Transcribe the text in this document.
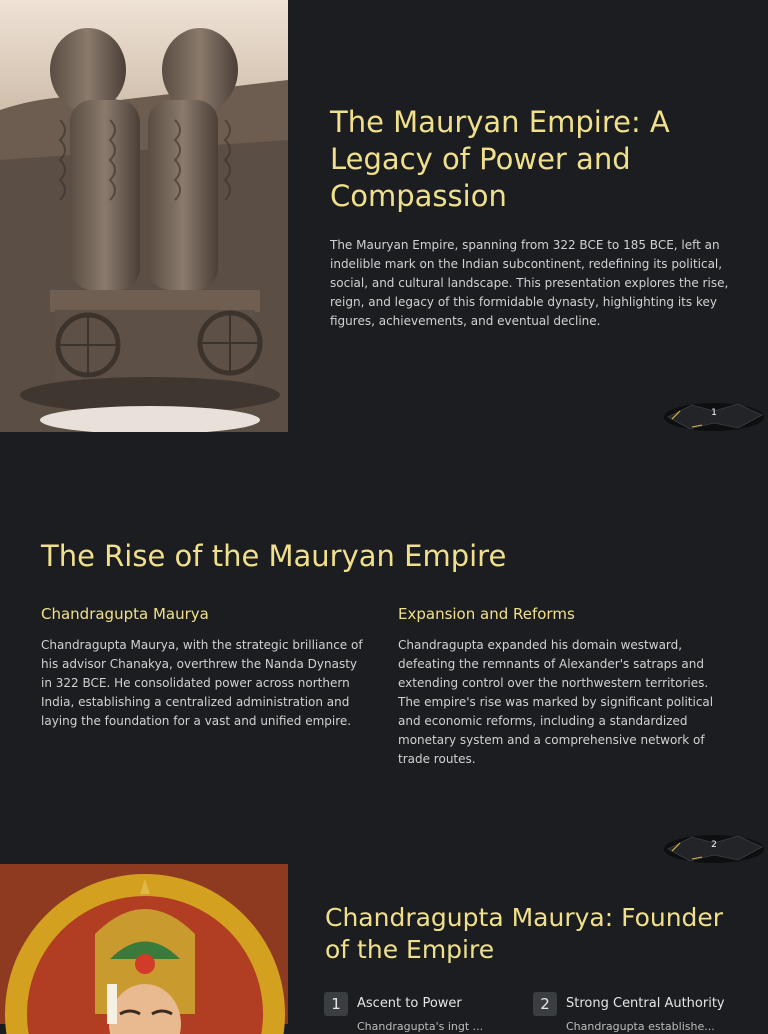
The Mauryan Empire: A Legacy of Power and Compassion

The Mauryan Empire, spanning from 322 BCE to 185 BCE, left an indelible mark on the Indian subcontinent, redefining its political, social, and cultural landscape. This presentation explores the rise, reign, and legacy of this formidable dynasty, highlighting its key figures, achievements, and eventual decline.

1
The Rise of the Mauryan Empire
Chandragupta Maurya

Chandragupta Maurya, with the strategic brilliance of his advisor Chanakya, overthrew the Nanda Dynasty in 322 BCE. He consolidated power across northern India, establishing a centralized administration and laying the foundation for a vast and unified empire.

Expansion and Reforms

Chandragupta expanded his domain westward, defeating the remnants of Alexander's satraps and extending control over the northwestern territories. The empire's rise was marked by significant political and economic reforms, including a standardized monetary system and a comprehensive network of trade routes.

2
Chandragupta Maurya: Founder of the Empire
1	Ascent to Power
Chandragupta's ingt ...
2	Strong Central Authority
Chandragupta establishe...
